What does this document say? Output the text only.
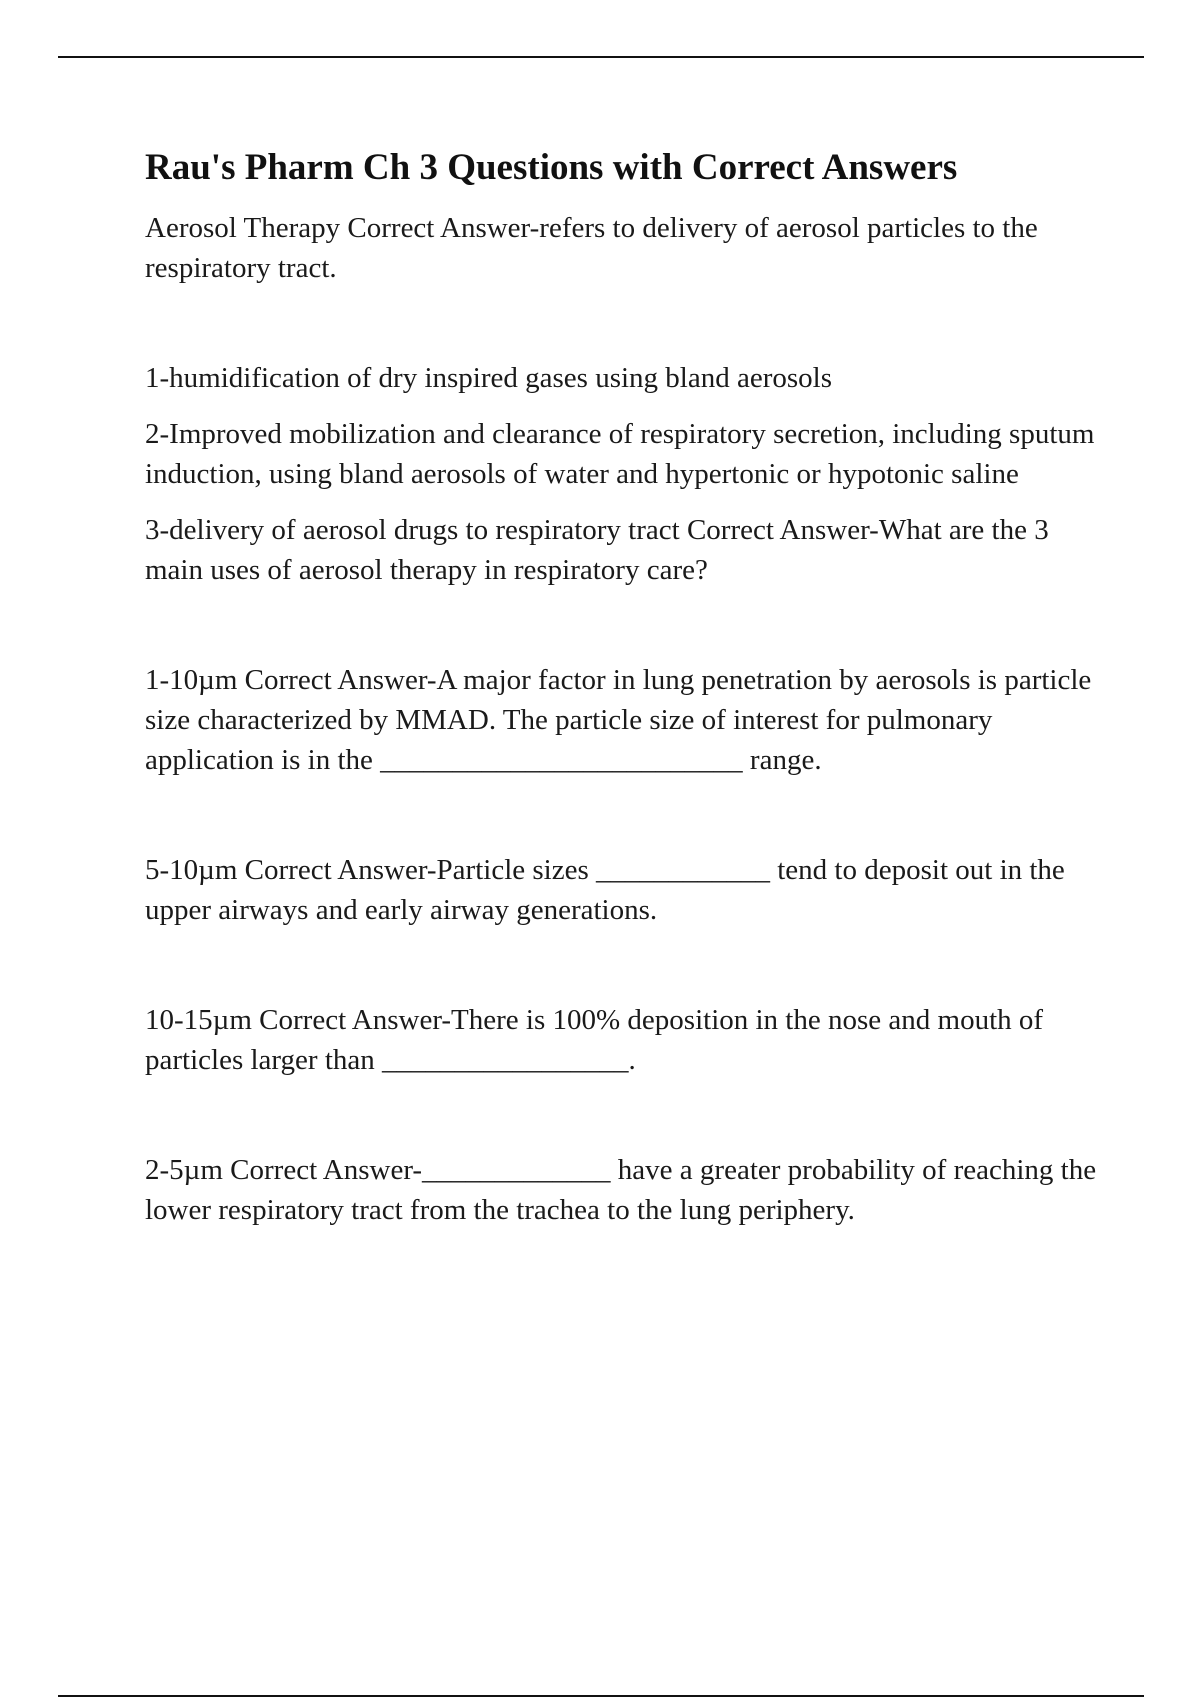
Rau's Pharm Ch 3 Questions with Correct Answers

Aerosol Therapy Correct Answer-refers to delivery of aerosol particles to the respiratory tract.

1-humidification of dry inspired gases using bland aerosols

2-Improved mobilization and clearance of respiratory secretion, including sputum induction, using bland aerosols of water and hypertonic or hypotonic saline

3-delivery of aerosol drugs to respiratory tract Correct Answer-What are the 3 main uses of aerosol therapy in respiratory care?

1-10µm Correct Answer-A major factor in lung penetration by aerosols is particle size characterized by MMAD. The particle size of interest for pulmonary application is in the _________________________ range.

5-10µm Correct Answer-Particle sizes ____________ tend to deposit out in the upper airways and early airway generations.

10-15µm Correct Answer-There is 100% deposition in the nose and mouth of particles larger than _________________.

2-5µm Correct Answer-_____________ have a greater probability of reaching the lower respiratory tract from the trachea to the lung periphery.
